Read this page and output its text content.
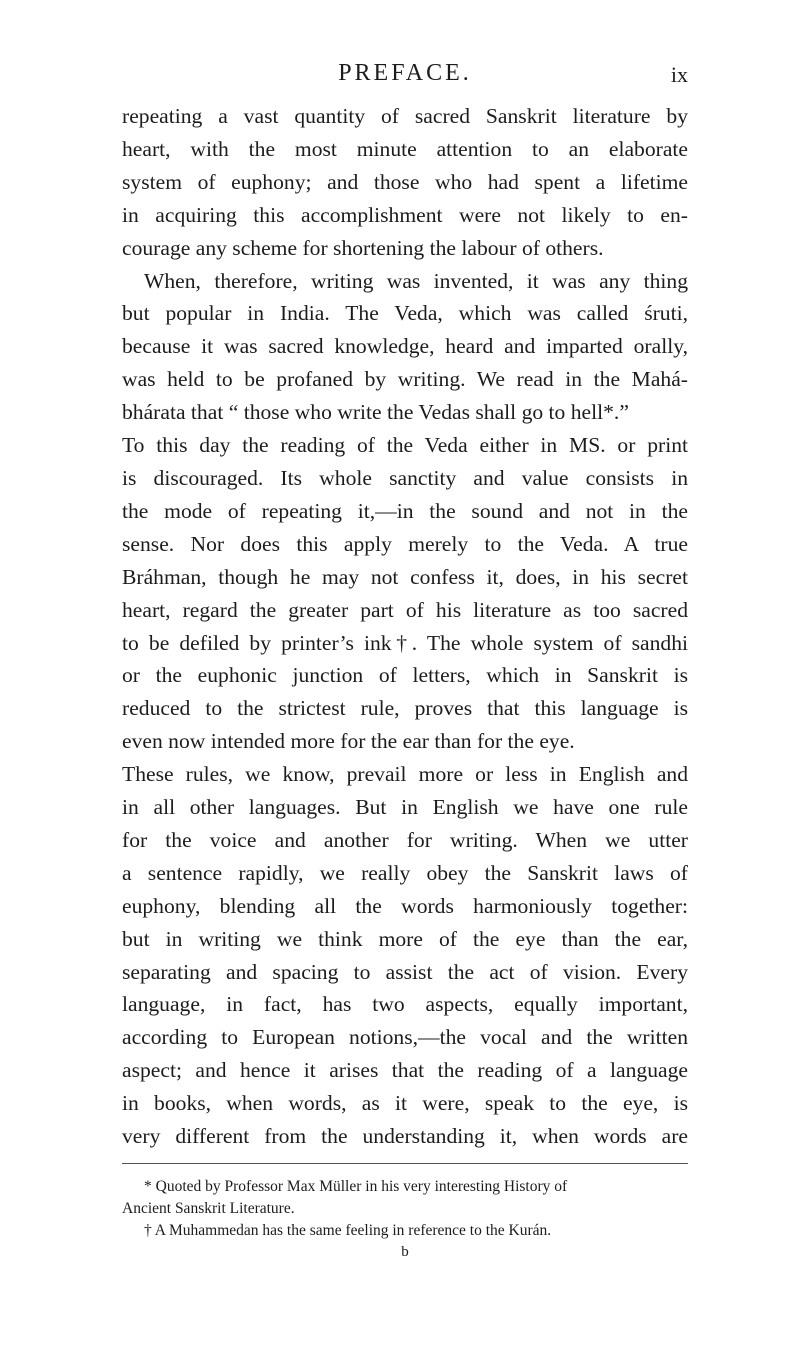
PREFACE.	ix
repeating a vast quantity of sacred Sanskrit literature by
heart, with the most minute attention to an elaborate
system of euphony; and those who had spent a lifetime
in acquiring this accomplishment were not likely to en-
courage any scheme for shortening the labour of others.
When, therefore, writing was invented, it was any thing
but popular in India. The Veda, which was called śruti,
because it was sacred knowledge, heard and imparted orally,
was held to be profaned by writing. We read in the Mahá-
bhárata that “ those who write the Vedas shall go to hell*.”
To this day the reading of the Veda either in MS. or print
is discouraged. Its whole sanctity and value consists in
the mode of repeating it,—in the sound and not in the
sense. Nor does this apply merely to the Veda. A true
Bráhman, though he may not confess it, does, in his secret
heart, regard the greater part of his literature as too sacred
to be defiled by printer’s ink†. The whole system of sandhi
or the euphonic junction of letters, which in Sanskrit is
reduced to the strictest rule, proves that this language is
even now intended more for the ear than for the eye.
These rules, we know, prevail more or less in English and
in all other languages. But in English we have one rule
for the voice and another for writing. When we utter
a sentence rapidly, we really obey the Sanskrit laws of
euphony, blending all the words harmoniously together:
but in writing we think more of the eye than the ear,
separating and spacing to assist the act of vision. Every
language, in fact, has two aspects, equally important,
according to European notions,—the vocal and the written
aspect; and hence it arises that the reading of a language
in books, when words, as it were, speak to the eye, is
very different from the understanding it, when words are
* Quoted by Professor Max Müller in his very interesting History of
Ancient Sanskrit Literature.
† A Muhammedan has the same feeling in reference to the Kurán.
b
